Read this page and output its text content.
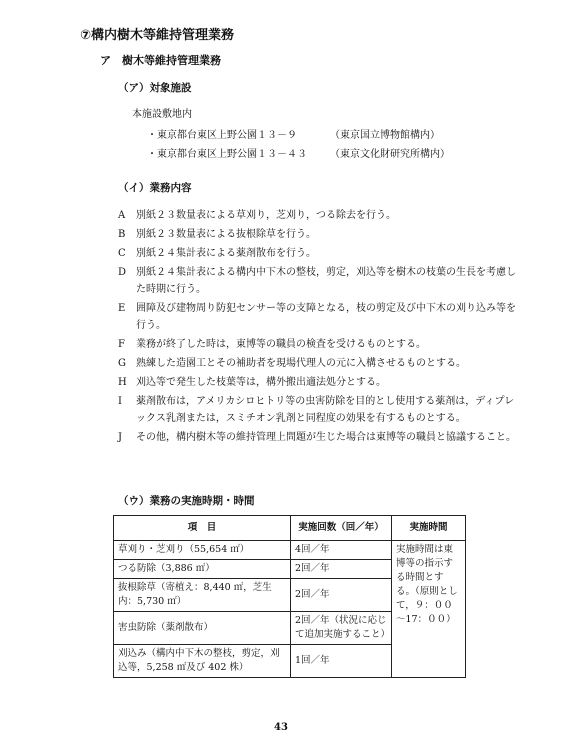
⑦構内樹木等維持管理業務
ア　樹木等維持管理業務
（ア）対象施設
本施設敷地内
・東京都台東区上野公園１３－９	（東京国立博物館構内）
・東京都台東区上野公園１３－４３ （東京文化財研究所構内）
（イ）業務内容
A	別紙２３数量表による草刈り，芝刈り，つる除去を行う。
B	別紙２３数量表による抜根除草を行う。
C	別紙２４集計表による薬剤散布を行う。
D 別紙２４集計表による構内中下木の整枝，剪定，刈込等を樹木の枝葉の生長を考慮した時期に行う。
E	囲障及び建物周り防犯センサー等の支障となる，枝の剪定及び中下木の刈り込み等を行う。
F	業務が終了した時は，東博等の職員の検査を受けるものとする。
G	熟練した造園工とその補助者を現場代理人の元に入構させるものとする。
H 刈込等で発生した枝葉等は，構外搬出適法処分とする。
I	薬剤散布は，アメリカシロヒトリ等の虫害防除を目的とし使用する薬剤は，ディプレックス乳剤または，スミチオン乳剤と同程度の効果を有するものとする。
J	その他，構内樹木等の維持管理上問題が生じた場合は東博等の職員と協議すること。
（ウ）業務の実施時期・時間
項　目	実施回数（回／年）	実施時間
草刈り・芝刈り（55,654 ㎡）	4回／年	実施時間は東博等の指示する時間とする。（原則として，９：００～17：００）
つる防除（3,886 ㎡）	2回／年	
抜根除草（寄植え：8,440 ㎡，芝生内：5,730 ㎡）	2回／年	
害虫防除（薬剤散布）	2回／年（状況に応じて追加実施すること）	
刈込み（構内中下木の整枝，剪定，刈込等，5,258 ㎡及び 402 株）	1回／年	
43
